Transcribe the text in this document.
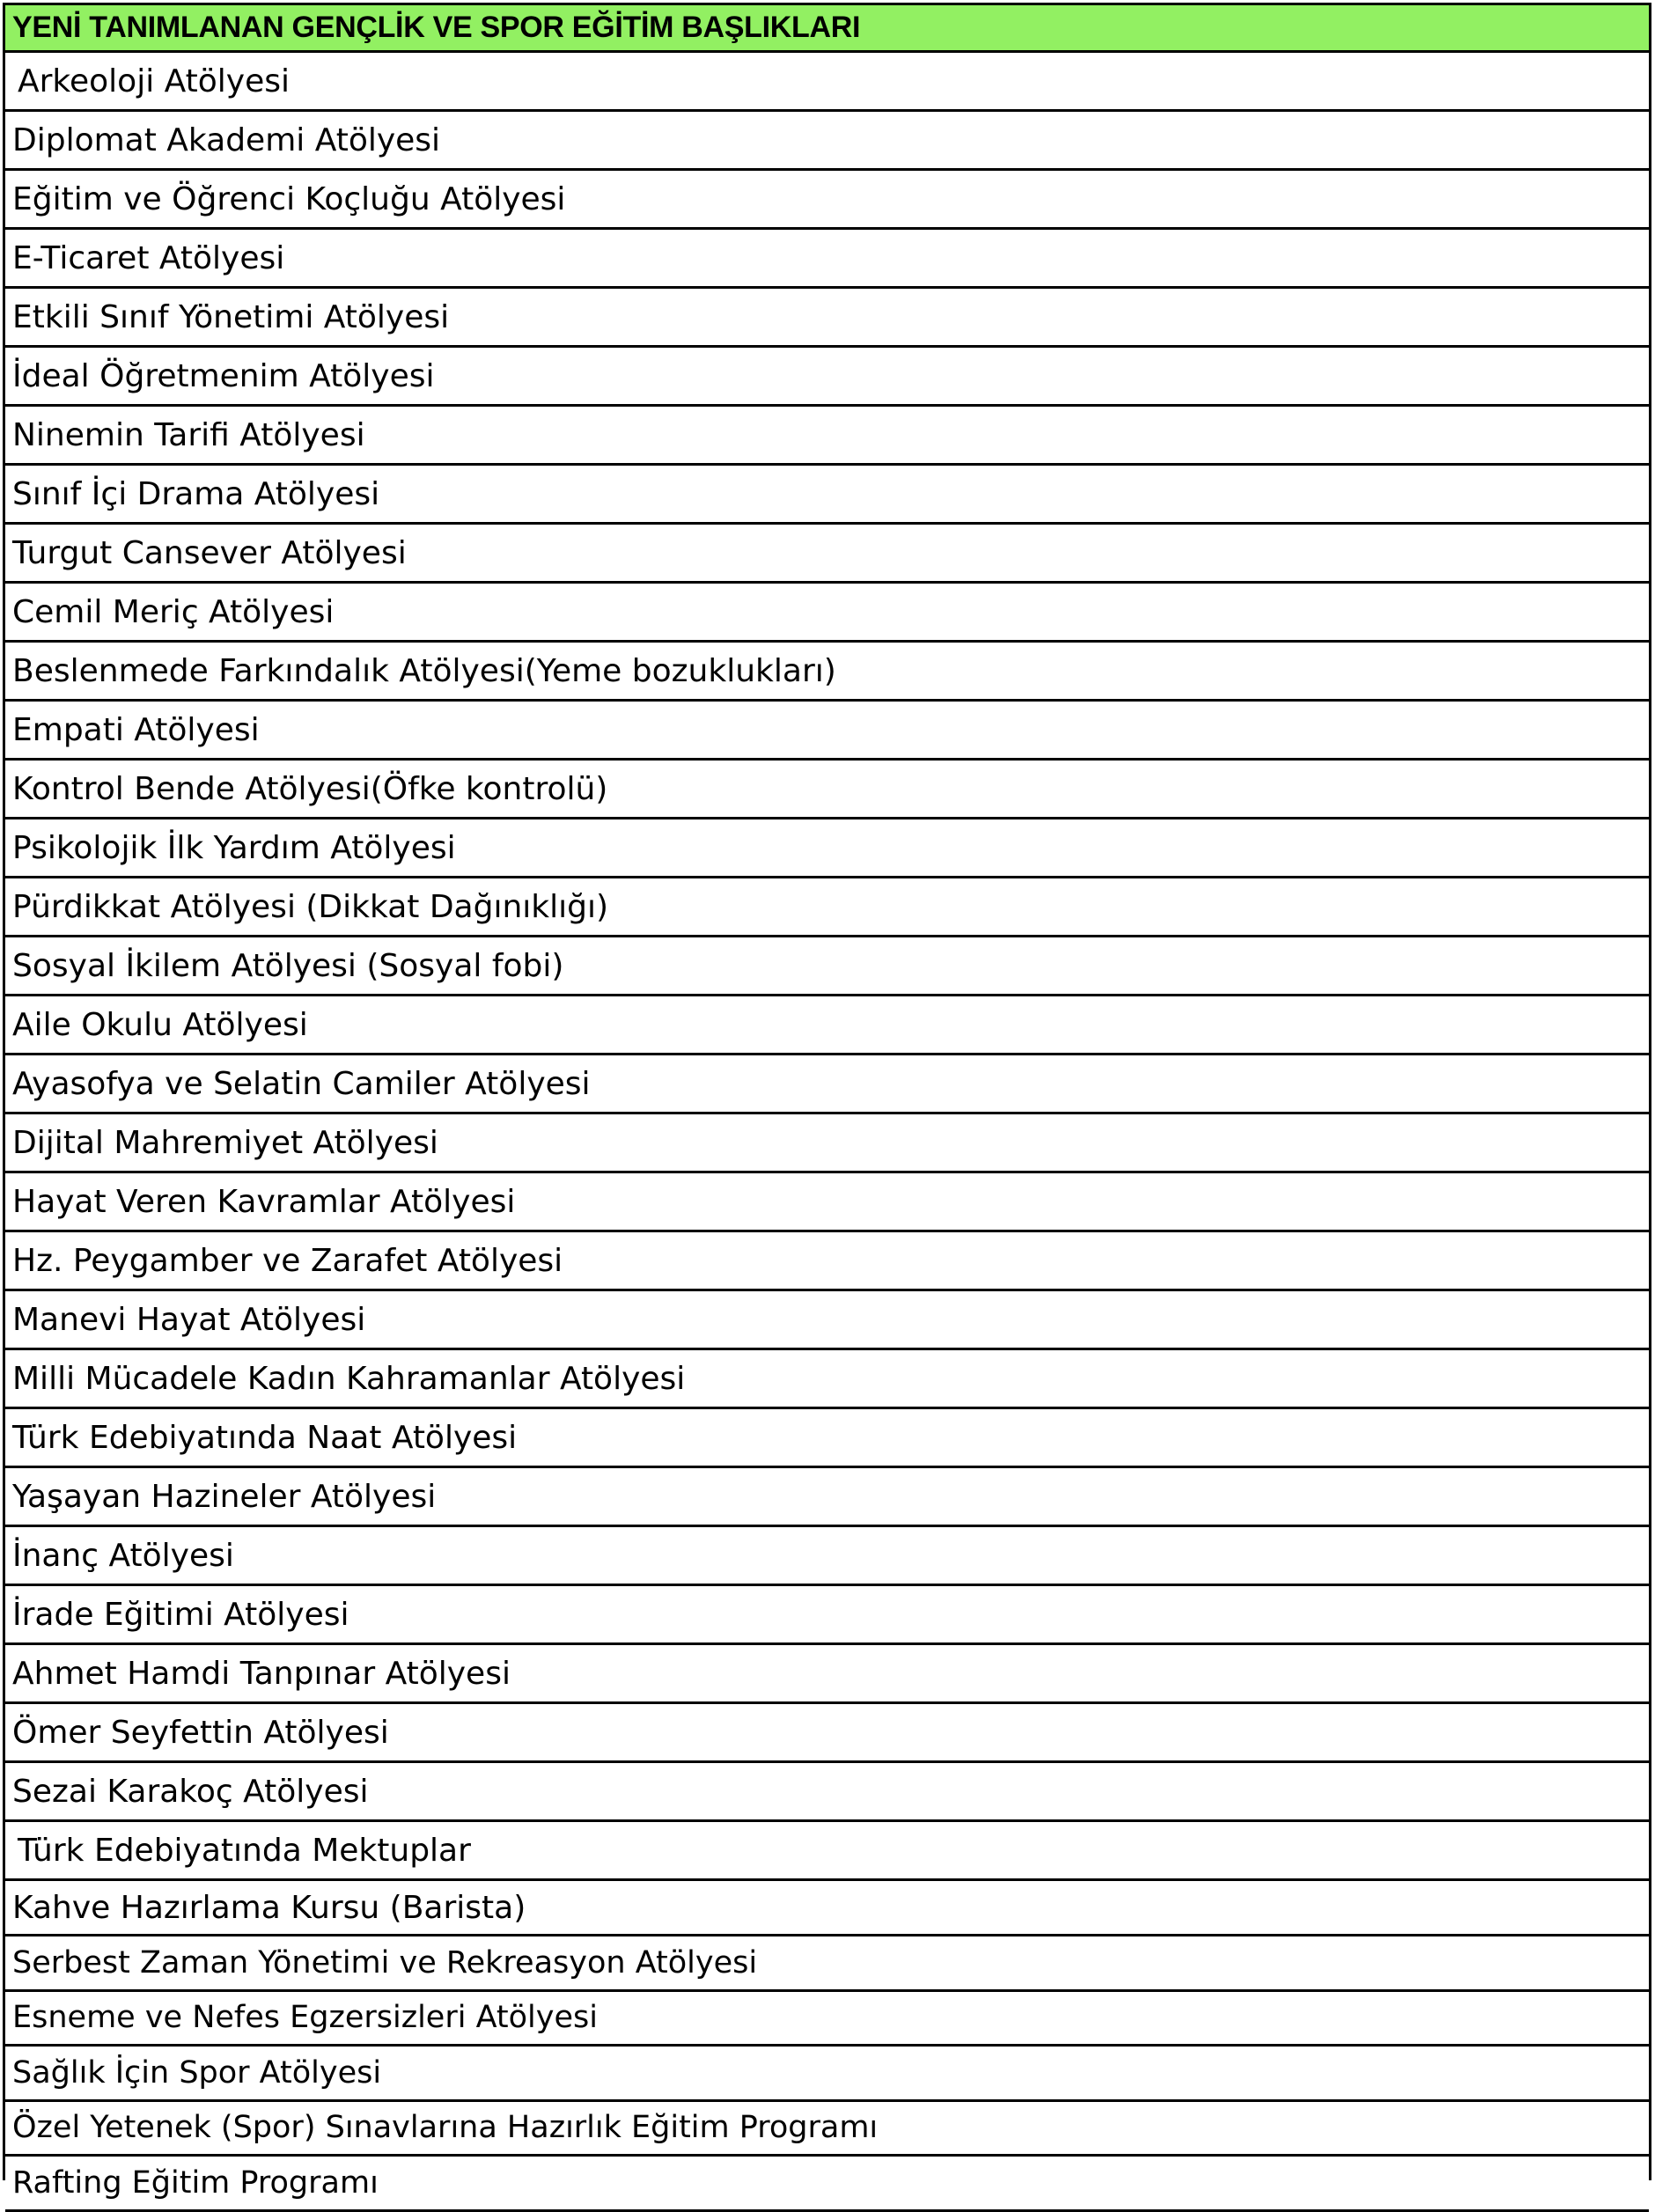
YENİ TANIMLANAN GENÇLİK VE SPOR EĞİTİM BAŞLIKLARI
Arkeoloji Atölyesi
Diplomat Akademi Atölyesi
Eğitim ve Öğrenci Koçluğu Atölyesi
E-Ticaret Atölyesi
Etkili Sınıf Yönetimi Atölyesi
İdeal Öğretmenim Atölyesi
Ninemin Tarifi Atölyesi
Sınıf İçi Drama Atölyesi
Turgut Cansever Atölyesi
Cemil Meriç Atölyesi
Beslenmede Farkındalık Atölyesi(Yeme bozuklukları)
Empati Atölyesi
Kontrol Bende Atölyesi(Öfke kontrolü)
Psikolojik İlk Yardım Atölyesi
Pürdikkat Atölyesi (Dikkat Dağınıklığı)
Sosyal İkilem Atölyesi (Sosyal fobi)
Aile Okulu Atölyesi
Ayasofya ve Selatin Camiler Atölyesi
Dijital Mahremiyet Atölyesi
Hayat Veren Kavramlar Atölyesi
Hz. Peygamber ve Zarafet Atölyesi
Manevi Hayat Atölyesi
Milli Mücadele Kadın Kahramanlar Atölyesi
Türk Edebiyatında Naat Atölyesi
Yaşayan Hazineler Atölyesi
İnanç Atölyesi
İrade Eğitimi Atölyesi
Ahmet Hamdi Tanpınar Atölyesi
Ömer Seyfettin Atölyesi
Sezai Karakoç Atölyesi
Türk Edebiyatında Mektuplar
Kahve Hazırlama Kursu (Barista)
Serbest Zaman Yönetimi ve Rekreasyon Atölyesi
Esneme ve Nefes Egzersizleri Atölyesi
Sağlık İçin Spor Atölyesi
Özel Yetenek (Spor) Sınavlarına Hazırlık Eğitim Programı
Rafting Eğitim Programı
